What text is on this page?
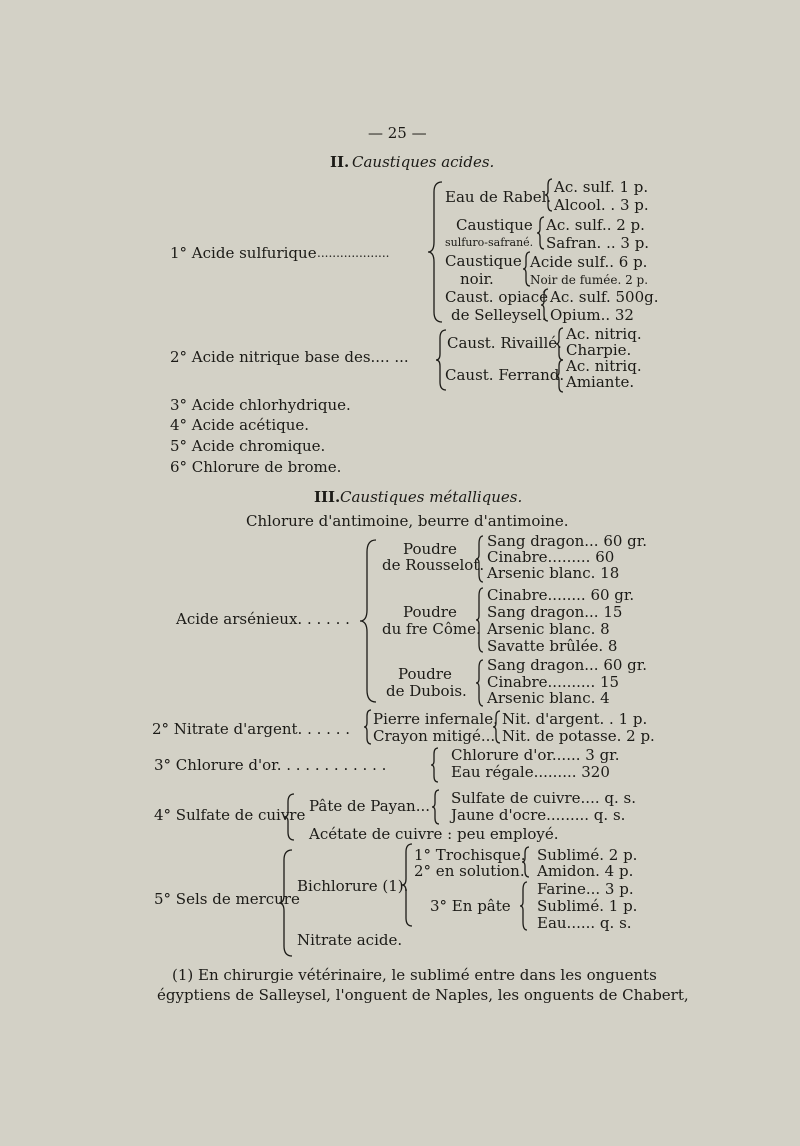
— 25 —
II. Caustiques acides.
1° Acide sulfurique ...................
Eau de Rabel.
Ac. sulf. 1 p.
Alcool. . 3 p.
Caustique
sulfuro-safrané.
Ac. sulf.. 2 p.
Safran. .. 3 p.
Caustique
noir.
Acide sulf.. 6 p.
Noir de fumée. 2 p.
Caust. opiacé
de Selleysel.
Ac. sulf. 500g.
Opium.. 32
2° Acide nitrique base des.... ...
Caust. Rivaillé. Ac. nitriq.
Charpie.
Caust. Ferrand. Ac. nitriq.
Amiante.
3° Acide chlorhydrique.
4° Acide acétique.
5° Acide chromique.
6° Chlorure de brome.
III. Caustiques métalliques.
Chlorure d'antimoine, beurre d'antimoine.
Acide arsénieux. . . . . .
Poudre
de Rousselot.
Sang dragon... 60 gr.
Cinabre......... 60
Arsenic blanc. 18
Poudre
du fre Côme.
Cinabre........ 60 gr.
Sang dragon... 15
Arsenic blanc. 8
Savatte brûlée. 8
Poudre
de Dubois.
Sang dragon... 60 gr.
Cinabre.......... 15
Arsenic blanc. 4
2° Nitrate d'argent. . . . . .
Pierre infernale.
Crayon mitigé...
Nit. d'argent. . 1 p.
Nit. de potasse. 2 p.
3° Chlorure d'or. . . . . . . . . . . .
Chlorure d'or...... 3 gr.
Eau régale......... 320
4° Sulfate de cuivre Pâte de Payan... Sulfate de cuivre.... q. s.
Jaune d'ocre......... q. s.
Acétate de cuivre : peu employé.
5° Sels de mercure
Bichlorure (1).
1° Trochisque.
2° en solution.
Sublimé. 2 p.
Amidon. 4 p.
3° En pâte
Farine... 3 p.
Sublimé. 1 p.
Eau...... q. s.
Nitrate acide.
(1) En chirurgie vétérinaire, le sublimé entre dans les onguents
égyptiens de Salleysel, l'onguent de Naples, les onguents de Chabert,
